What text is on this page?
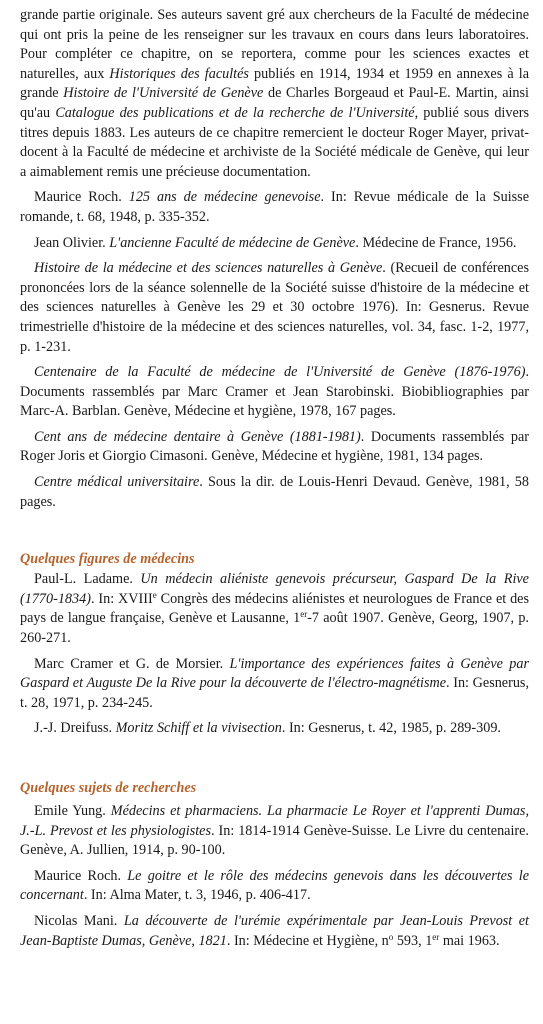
grande partie originale. Ses auteurs savent gré aux chercheurs de la Faculté de médecine qui ont pris la peine de les renseigner sur les travaux en cours dans leurs laboratoires. Pour compléter ce chapitre, on se reportera, comme pour les sciences exactes et naturelles, aux Historiques des facultés publiés en 1914, 1934 et 1959 en annexes à la grande Histoire de l'Université de Genève de Charles Borgeaud et Paul-E. Martin, ainsi qu'au Catalogue des publications et de la recherche de l'Université, publié sous divers titres depuis 1883. Les auteurs de ce chapitre remercient le docteur Roger Mayer, privat-docent à la Faculté de médecine et archiviste de la Société médicale de Genève, qui leur a aimablement remis une précieuse documentation.

Maurice Roch. 125 ans de médecine genevoise. In: Revue médicale de la Suisse romande, t. 68, 1948, p. 335-352.

Jean Olivier. L'ancienne Faculté de médecine de Genève. Médecine de France, 1956.

Histoire de la médecine et des sciences naturelles à Genève. (Recueil de conférences prononcées lors de la séance solennelle de la Société suisse d'histoire de la médecine et des sciences naturelles à Genève les 29 et 30 octobre 1976). In: Gesnerus. Revue trimestrielle d'histoire de la médecine et des sciences naturelles, vol. 34, fasc. 1-2, 1977, p. 1-231.

Centenaire de la Faculté de médecine de l'Université de Genève (1876-1976). Documents rassemblés par Marc Cramer et Jean Starobinski. Biobibliographies par Marc-A. Barblan. Genève, Médecine et hygiène, 1978, 167 pages.

Cent ans de médecine dentaire à Genève (1881-1981). Documents rassemblés par Roger Joris et Giorgio Cimasoni. Genève, Médecine et hygiène, 1981, 134 pages.

Centre médical universitaire. Sous la dir. de Louis-Henri Devaud. Genève, 1981, 58 pages.

Quelques figures de médecins

Paul-L. Ladame. Un médecin aliéniste genevois précurseur, Gaspard De la Rive (1770-1834). In: XVIIIe Congrès des médecins aliénistes et neurologues de France et des pays de langue française, Genève et Lausanne, 1er-7 août 1907. Genève, Georg, 1907, p. 260-271.

Marc Cramer et G. de Morsier. L'importance des expériences faites à Genève par Gaspard et Auguste De la Rive pour la découverte de l'électro-magnétisme. In: Gesnerus, t. 28, 1971, p. 234-245.

J.-J. Dreifuss. Moritz Schiff et la vivisection. In: Gesnerus, t. 42, 1985, p. 289-309.

Quelques sujets de recherches

Emile Yung. Médecins et pharmaciens. La pharmacie Le Royer et l'apprenti Dumas, J.-L. Prevost et les physiologistes. In: 1814-1914 Genève-Suisse. Le Livre du centenaire. Genève, A. Jullien, 1914, p. 90-100.

Maurice Roch. Le goitre et le rôle des médecins genevois dans les découvertes le concernant. In: Alma Mater, t. 3, 1946, p. 406-417.

Nicolas Mani. La découverte de l'urémie expérimentale par Jean-Louis Prevost et Jean-Baptiste Dumas, Genève, 1821. In: Médecine et Hygiène, $n^o$ 593, 1er mai 1963.
